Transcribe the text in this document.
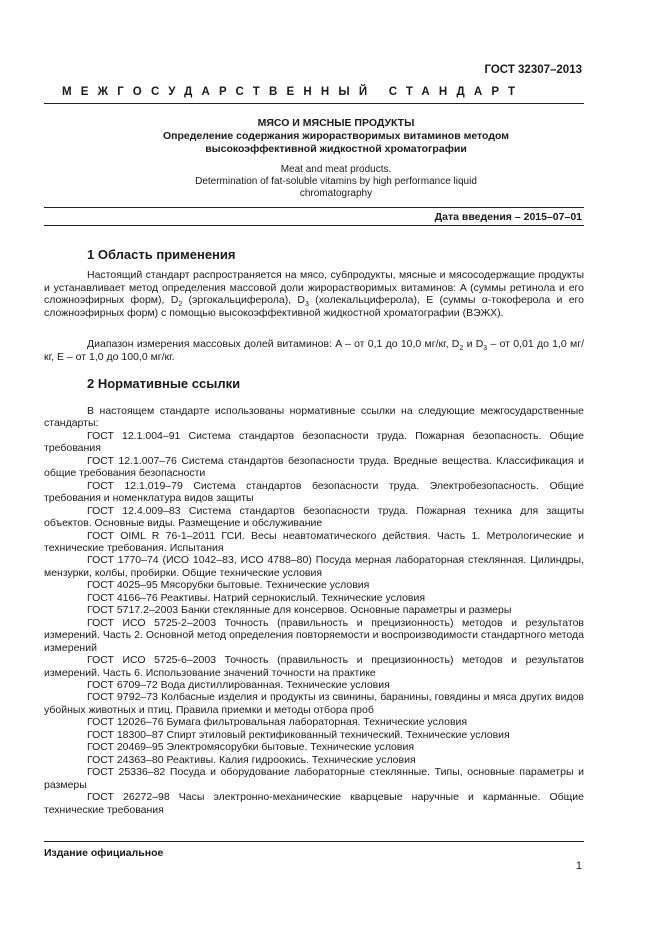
ГОСТ 32307–2013
МЕЖГОСУДАРСТВЕННЫЙ СТАНДАРТ
МЯСО И МЯСНЫЕ ПРОДУКТЫ
Определение содержания жирорастворимых витаминов методом
высокоэффективной жидкостной хроматографии
Meat and meat products.
Determination of fat-soluble vitamins by high performance liquid
chromatography
Дата введения – 2015–07–01
1 Область применения
Настоящий стандарт распространяется на мясо, субпродукты, мясные и мясосодержащие продукты и устанавливает метод определения массовой доли жирорастворимых витаминов: A (суммы ретинола и его сложноэфирных форм), $D_2$ (эргокальциферола), $D_3$ (холекальциферола), E (суммы α-токоферола и его сложноэфирных форм) с помощью высокоэффективной жидкостной хроматографии (ВЭЖХ).
Диапазон измерения массовых долей витаминов: A – от 0,1 до 10,0 мг/кг, $D_2$ и $D_3$ – от 0,01 до 1,0 мг/кг, E – от 1,0 до 100,0 мг/кг.
2 Нормативные ссылки
В настоящем стандарте использованы нормативные ссылки на следующие межгосударственные стандарты:
ГОСТ 12.1.004–91 Система стандартов безопасности труда. Пожарная безопасность. Общие требования
ГОСТ 12.1.007–76 Система стандартов безопасности труда. Вредные вещества. Классификация и общие требования безопасности
ГОСТ 12.1.019–79 Система стандартов безопасности труда. Электробезопасность. Общие требования и номенклатура видов защиты
ГОСТ 12.4.009–83 Система стандартов безопасности труда. Пожарная техника для защиты объектов. Основные виды. Размещение и обслуживание
ГОСТ OIML R 76-1–2011 ГСИ. Весы неавтоматического действия. Часть 1. Метрологические и технические требования. Испытания
ГОСТ 1770–74 (ИСО 1042–83, ИСО 4788–80) Посуда мерная лабораторная стеклянная. Цилиндры, мензурки, колбы, пробирки. Общие технические условия
ГОСТ 4025–95 Мясорубки бытовые. Технические условия
ГОСТ 4166–76 Реактивы. Натрий сернокислый. Технические условия
ГОСТ 5717.2–2003 Банки стеклянные для консервов. Основные параметры и размеры
ГОСТ ИСО 5725-2–2003 Точность (правильность и прецизионность) методов и результатов измерений. Часть 2. Основной метод определения повторяемости и воспроизводимости стандартного метода измерений
ГОСТ ИСО 5725-6–2003 Точность (правильность и прецизионность) методов и результатов измерений. Часть 6. Использование значений точности на практике
ГОСТ 6709–72 Вода дистиллированная. Технические условия
ГОСТ 9792–73 Колбасные изделия и продукты из свинины, баранины, говядины и мяса других видов убойных животных и птиц. Правила приемки и методы отбора проб
ГОСТ 12026–76 Бумага фильтровальная лабораторная. Технические условия
ГОСТ 18300–87 Спирт этиловый ректификованный технический. Технические условия
ГОСТ 20469–95 Электромясорубки бытовые. Технические условия
ГОСТ 24363–80 Реактивы. Калия гидроокись. Технические условия
ГОСТ 25336–82 Посуда и оборудование лабораторные стеклянные. Типы, основные параметры и размеры
ГОСТ 26272–98 Часы электронно-механические кварцевые наручные и карманные. Общие технические требования
Издание официальное
1
